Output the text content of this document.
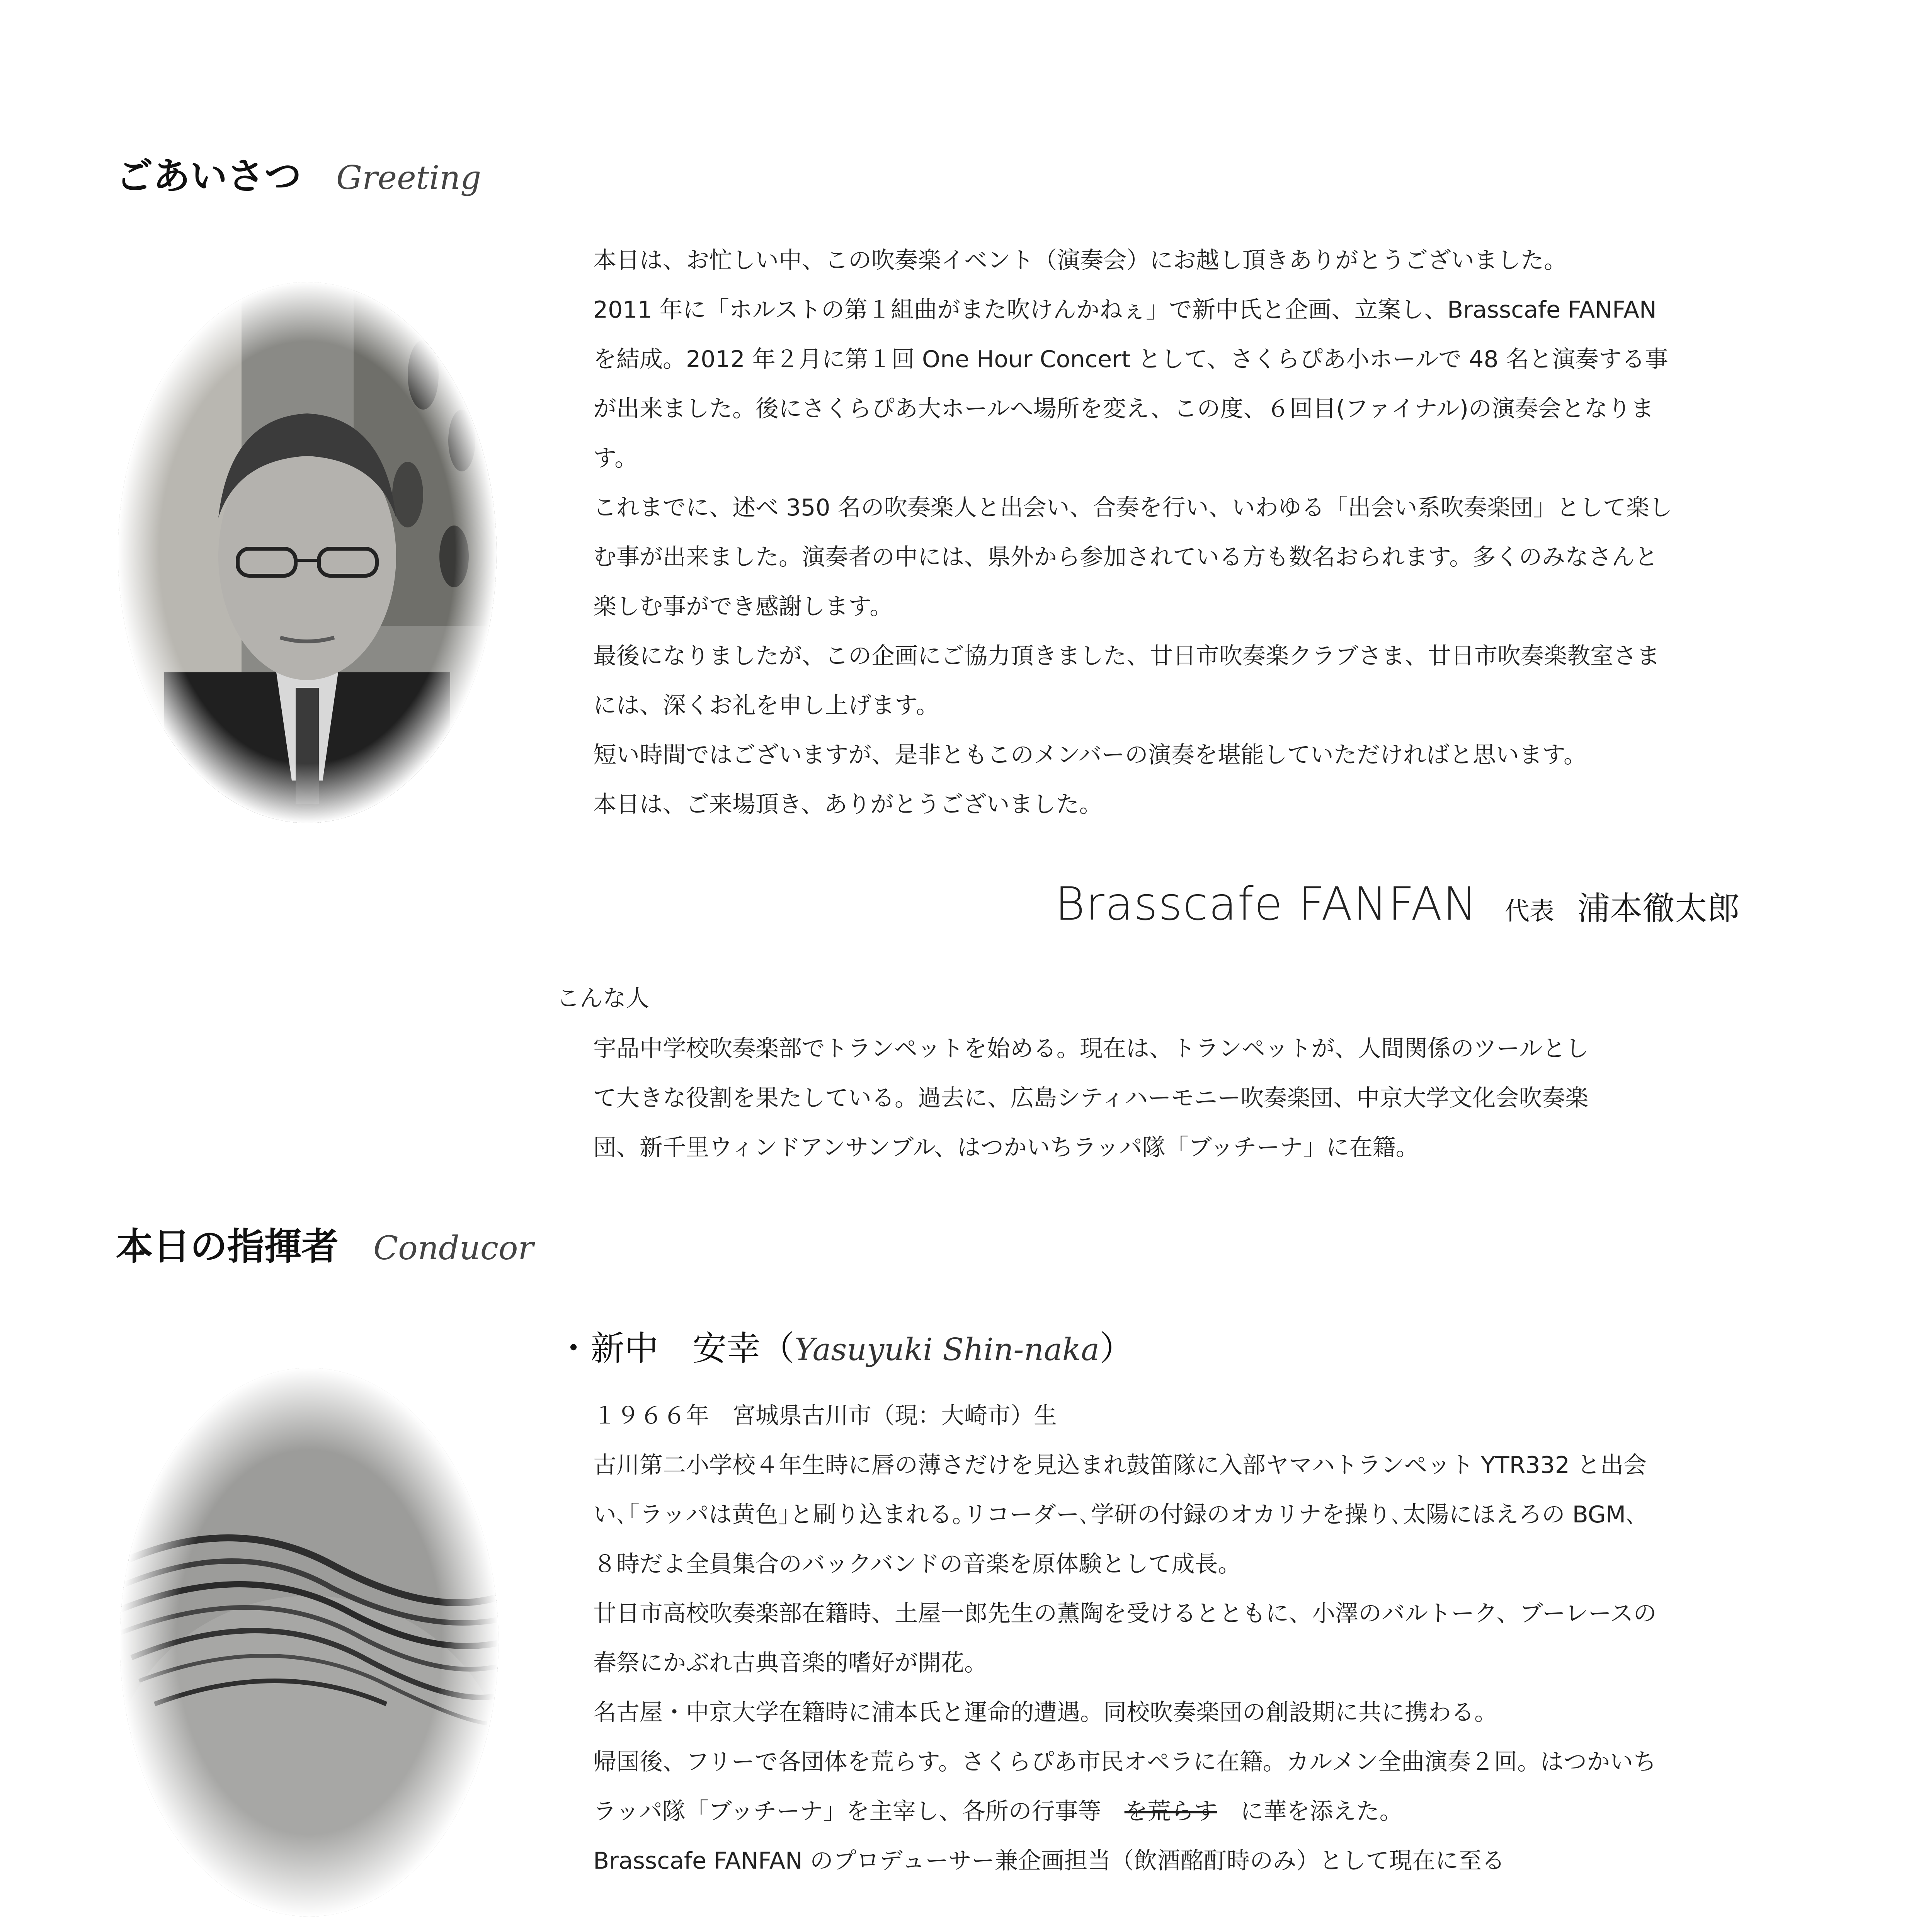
ごあいさつ Greeting

本日は、お忙しい中、この吹奏楽イベント（演奏会）にお越し頂きありがとうございました。

2011 年に「ホルストの第１組曲がまた吹けんかねぇ」で新中氏と企画、立案し、Brasscafe FANFAN

を結成。2012 年２月に第１回 One Hour Concert として、さくらぴあ小ホールで 48 名と演奏する事

が出来ました。後にさくらぴあ大ホールへ場所を変え、この度、６回目(ファイナル)の演奏会となりま

す。

これまでに、述べ 350 名の吹奏楽人と出会い、合奏を行い、いわゆる「出会い系吹奏楽団」として楽し

む事が出来ました。演奏者の中には、県外から参加されている方も数名おられます。多くのみなさんと

楽しむ事ができ感謝します。

最後になりましたが、この企画にご協力頂きました、廿日市吹奏楽クラブさま、廿日市吹奏楽教室さま

には、深くお礼を申し上げます。

短い時間ではございますが、是非ともこのメンバーの演奏を堪能していただければと思います。

本日は、ご来場頂き、ありがとうございました。

Brasscafe FANFAN 代表 浦本徹太郎

こんな人

宇品中学校吹奏楽部でトランペットを始める。現在は、トランペットが、人間関係のツールとし

て大きな役割を果たしている。過去に、広島シティハーモニー吹奏楽団、中京大学文化会吹奏楽

団、新千里ウィンドアンサンブル、はつかいちラッパ隊「ブッチーナ」に在籍。

本日の指揮者 Conducor
・新中　安幸（Yasuyuki Shin-naka）

１９６６年　宮城県古川市（現：大崎市）生

古川第二小学校４年生時に唇の薄さだけを見込まれ鼓笛隊に入部ヤマハトランペット YTR332 と出会

い､｢ラッパは黄色｣と刷り込まれる｡リコーダー､学研の付録のオカリナを操り､太陽にほえろの BGM､

８時だよ全員集合のバックバンドの音楽を原体験として成長。

廿日市高校吹奏楽部在籍時、土屋一郎先生の薫陶を受けるとともに、小澤のバルトーク、ブーレースの

春祭にかぶれ古典音楽的嗜好が開花。

名古屋・中京大学在籍時に浦本氏と運命的遭遇。同校吹奏楽団の創設期に共に携わる。

帰国後、フリーで各団体を荒らす。さくらぴあ市民オペラに在籍。カルメン全曲演奏２回。はつかいち

ラッパ隊「ブッチーナ」を主宰し、各所の行事等　 を荒らす　 に華を添えた。

Brasscafe FANFAN のプロデューサー兼企画担当（飲酒酩酊時のみ）として現在に至る
